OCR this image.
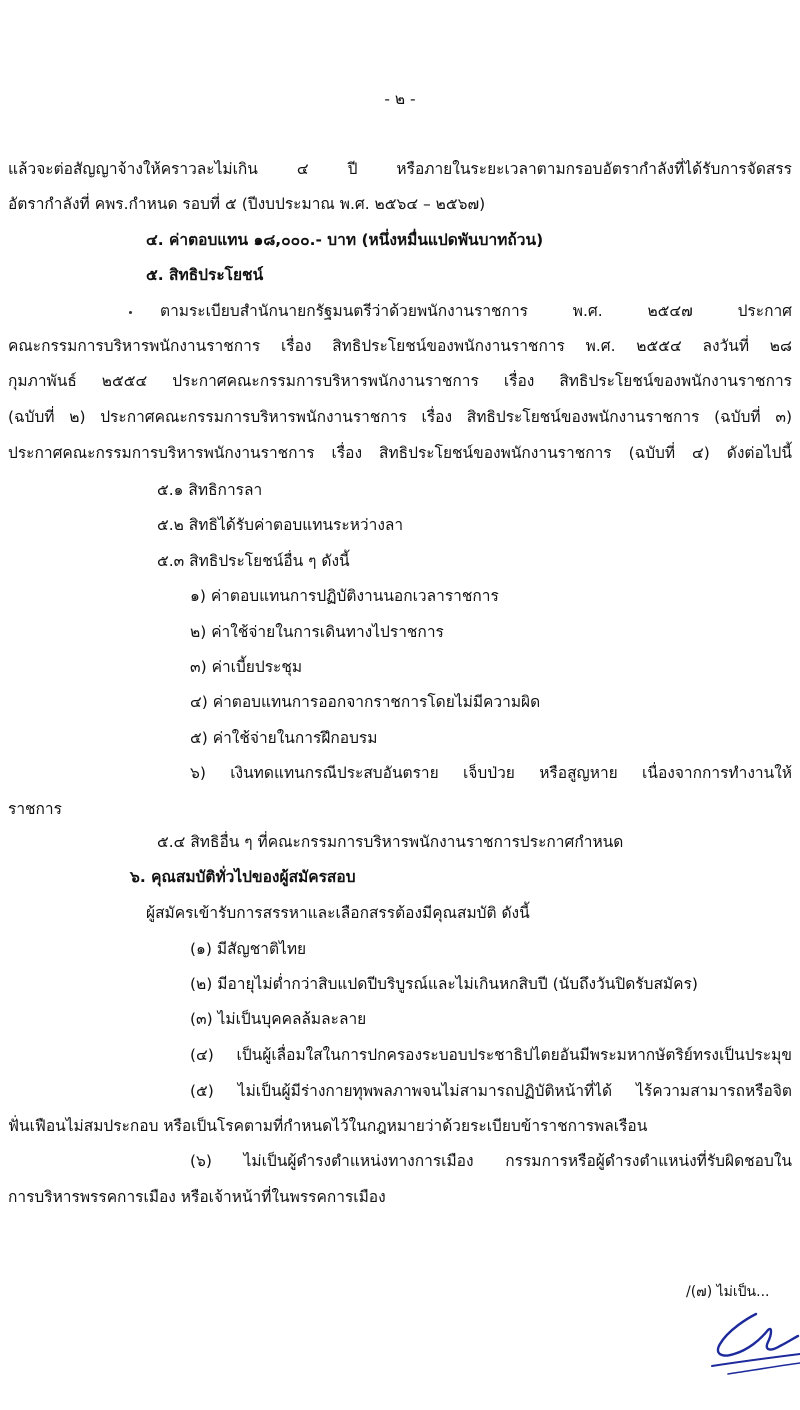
- ๒ -
แล้วจะต่อสัญญาจ้างให้คราวละไม่เกิน ๔ ปี หรือภายในระยะเวลาตามกรอบอัตรากำลังที่ได้รับการจัดสรร
อัตรากำลังที่ คพร.กำหนด รอบที่ ๕ (ปีงบประมาณ พ.ศ. ๒๕๖๔ – ๒๕๖๗)
๔. ค่าตอบแทน ๑๘,๐๐๐.- บาท (หนึ่งหมื่นแปดพันบาทถ้วน)
๕. สิทธิประโยชน์
ตามระเบียบสำนักนายกรัฐมนตรีว่าด้วยพนักงานราชการ พ.ศ. ๒๕๔๗ ประกาศ
คณะกรรมการบริหารพนักงานราชการ เรื่อง สิทธิประโยชน์ของพนักงานราชการ พ.ศ. ๒๕๕๔ ลงวันที่ ๒๘
กุมภาพันธ์ ๒๕๕๔ ประกาศคณะกรรมการบริหารพนักงานราชการ เรื่อง สิทธิประโยชน์ของพนักงานราชการ
(ฉบับที่ ๒) ประกาศคณะกรรมการบริหารพนักงานราชการ เรื่อง สิทธิประโยชน์ของพนักงานราชการ (ฉบับที่ ๓)
ประกาศคณะกรรมการบริหารพนักงานราชการ เรื่อง สิทธิประโยชน์ของพนักงานราชการ (ฉบับที่ ๔) ดังต่อไปนี้
๕.๑ สิทธิการลา
๕.๒ สิทธิได้รับค่าตอบแทนระหว่างลา
๕.๓ สิทธิประโยชน์อื่น ๆ ดังนี้
๑) ค่าตอบแทนการปฏิบัติงานนอกเวลาราชการ
๒) ค่าใช้จ่ายในการเดินทางไปราชการ
๓) ค่าเบี้ยประชุม
๔) ค่าตอบแทนการออกจากราชการโดยไม่มีความผิด
๕) ค่าใช้จ่ายในการฝึกอบรม
๖) เงินทดแทนกรณีประสบอันตราย เจ็บป่วย หรือสูญหาย เนื่องจากการทำงานให้
ราชการ
๕.๔ สิทธิอื่น ๆ ที่คณะกรรมการบริหารพนักงานราชการประกาศกำหนด
๖. คุณสมบัติทั่วไปของผู้สมัครสอบ
ผู้สมัครเข้ารับการสรรหาและเลือกสรรต้องมีคุณสมบัติ ดังนี้
(๑) มีสัญชาติไทย
(๒) มีอายุไม่ต่ำกว่าสิบแปดปีบริบูรณ์และไม่เกินหกสิบปี (นับถึงวันปิดรับสมัคร)
(๓) ไม่เป็นบุคคลล้มละลาย
(๔) เป็นผู้เลื่อมใสในการปกครองระบอบประชาธิปไตยอันมีพระมหากษัตริย์ทรงเป็นประมุข
(๕) ไม่เป็นผู้มีร่างกายทุพพลภาพจนไม่สามารถปฏิบัติหน้าที่ได้ ไร้ความสามารถหรือจิต
ฟั่นเฟือนไม่สมประกอบ หรือเป็นโรคตามที่กำหนดไว้ในกฎหมายว่าด้วยระเบียบข้าราชการพลเรือน
(๖) ไม่เป็นผู้ดำรงตำแหน่งทางการเมือง กรรมการหรือผู้ดำรงตำแหน่งที่รับผิดชอบใน
การบริหารพรรคการเมือง หรือเจ้าหน้าที่ในพรรคการเมือง
/(๗) ไม่เป็น...
